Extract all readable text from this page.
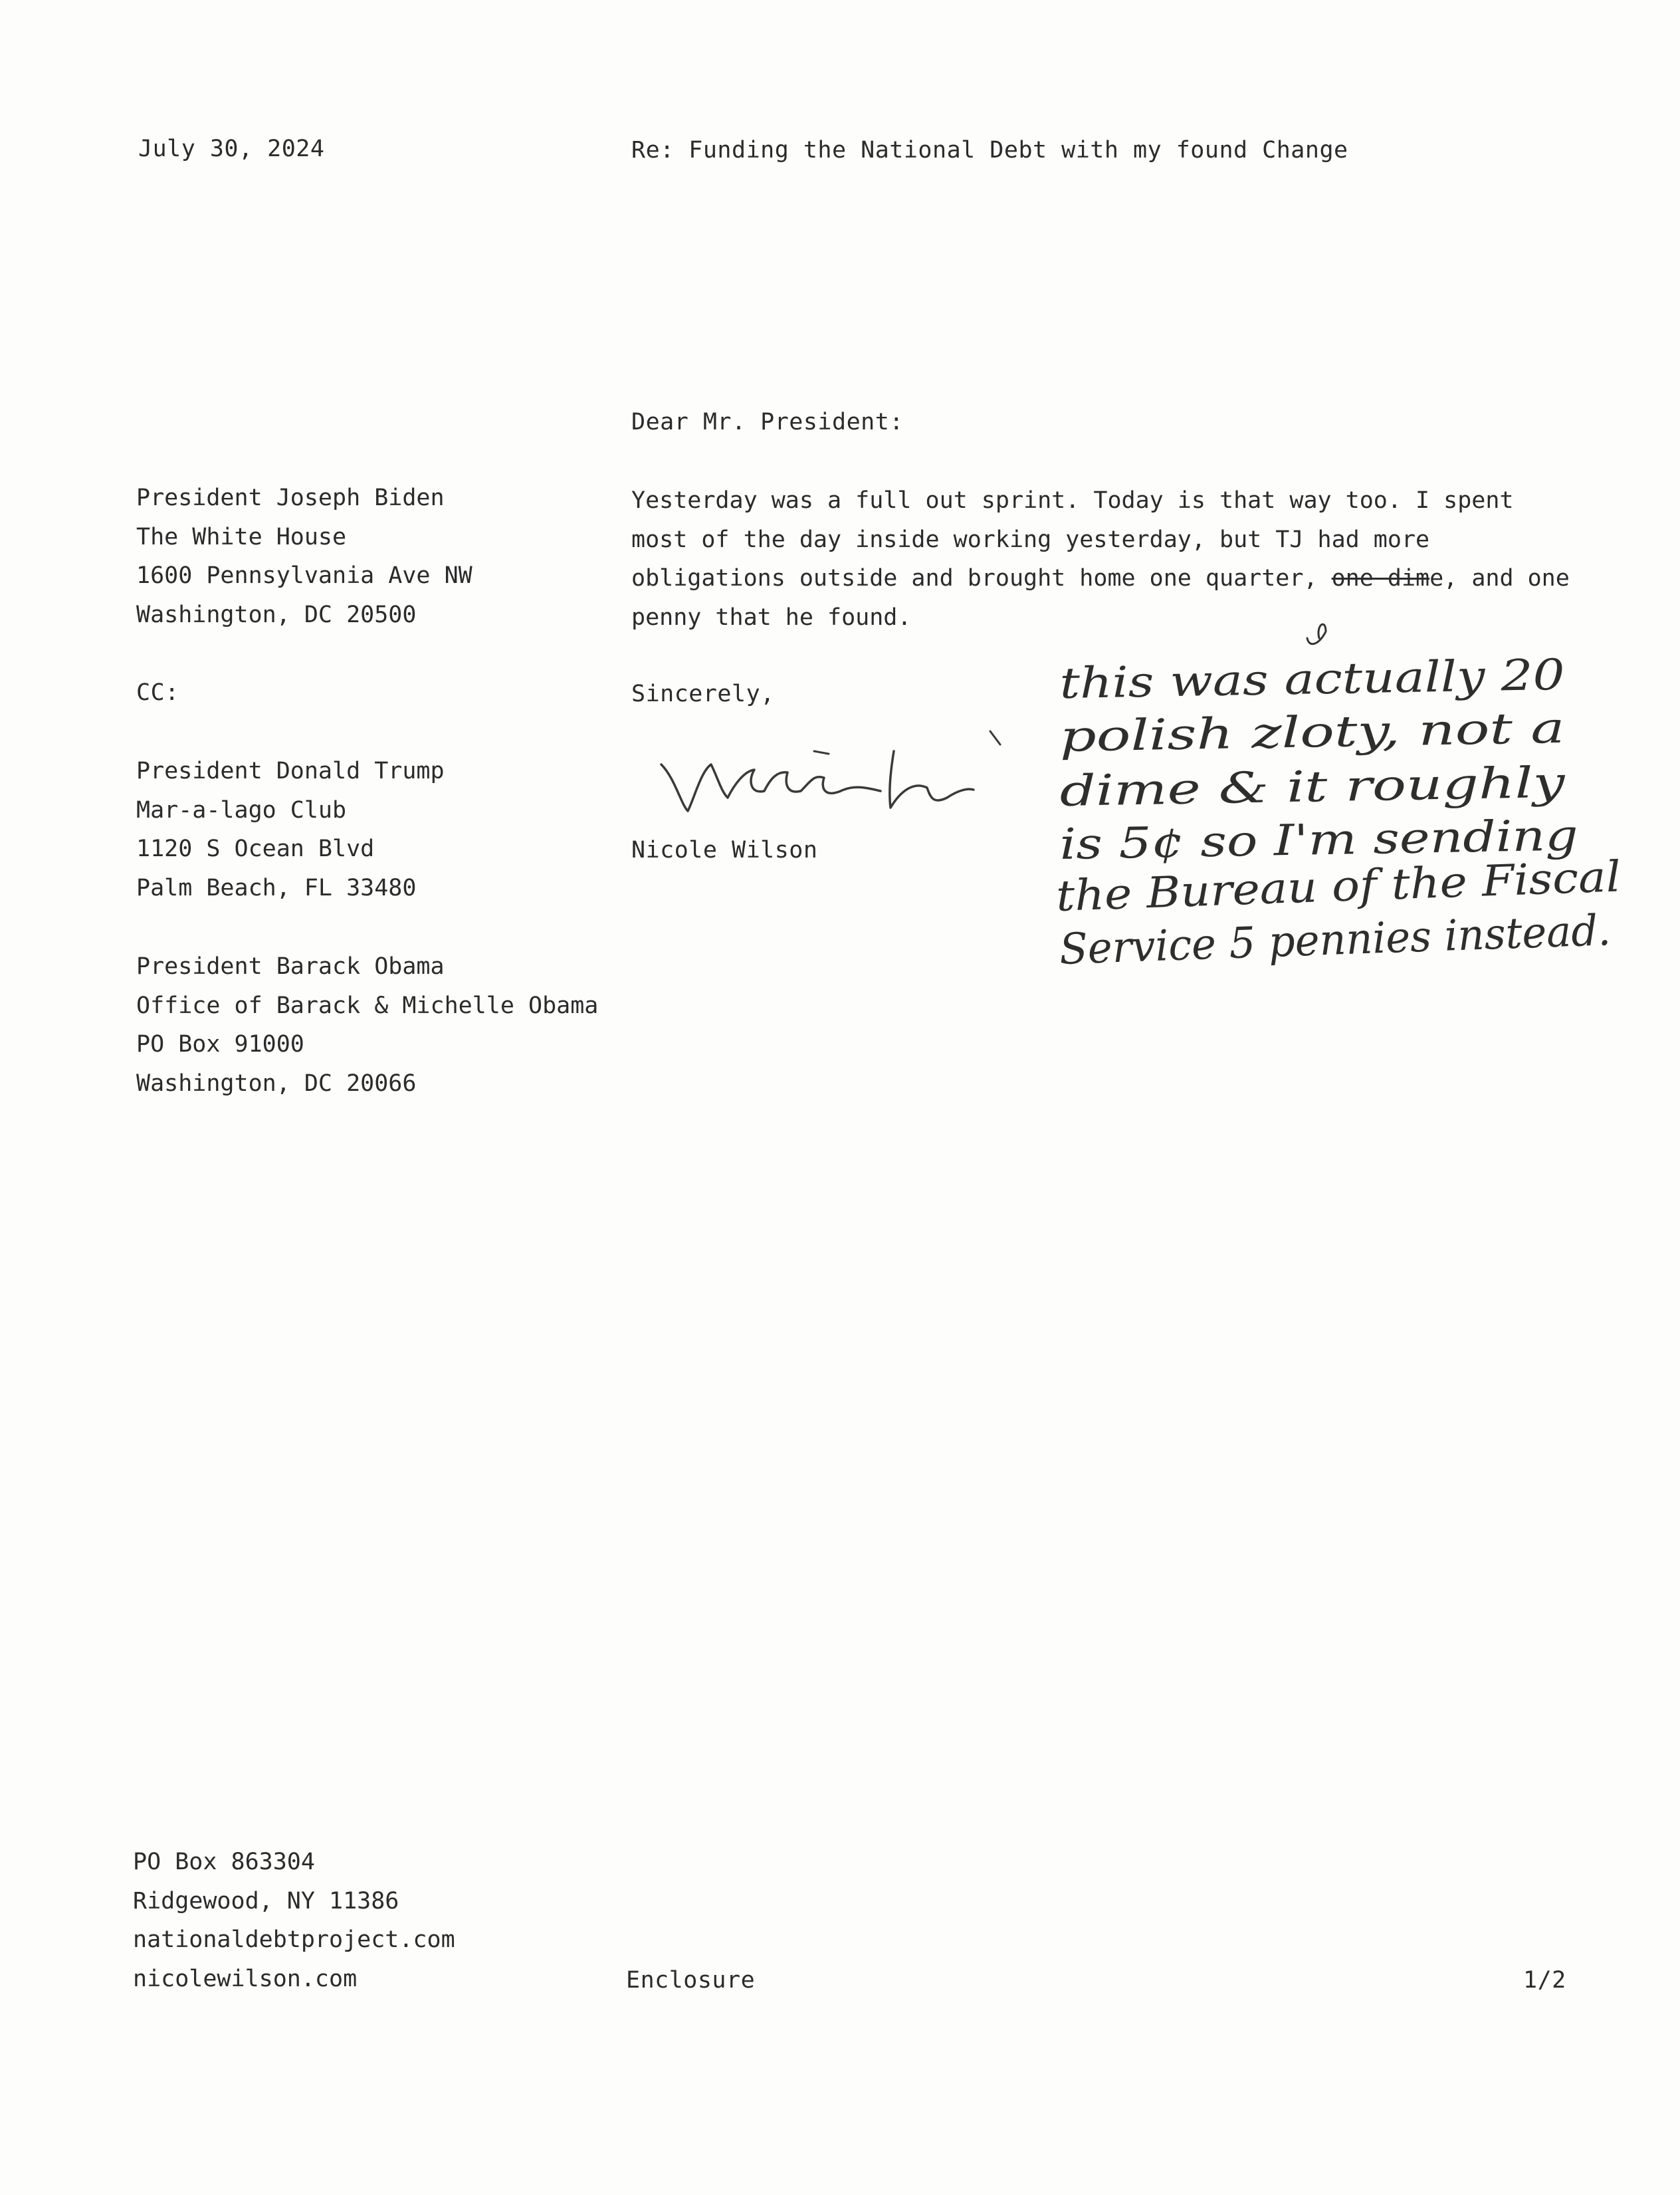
July 30, 2024	Re: Funding the National Debt with my found Change
Dear Mr. President:
President Joseph Biden
The White House
1600 Pennsylvania Ave NW
Washington, DC 20500
Yesterday was a full out sprint. Today is that way too. I spent
most of the day inside working yesterday, but TJ had more
obligations outside and brought home one quarter, one dime, and one
penny that he found.
CC:	Sincerely,
President Donald Trump
Mar-a-lago Club
1120 S Ocean Blvd
Palm Beach, FL 33480
President Barack Obama
Office of Barack & Michelle Obama
PO Box 91000
Washington, DC 20066
Nicole Wilson
this was actually 20
polish zloty, not a
dime & it roughly
is 5¢ so I'm sending
the Bureau of the Fiscal
Service 5 pennies instead.
PO Box 863304
Ridgewood, NY 11386
nationaldebtproject.com
nicolewilson.com	Enclosure	1/2
